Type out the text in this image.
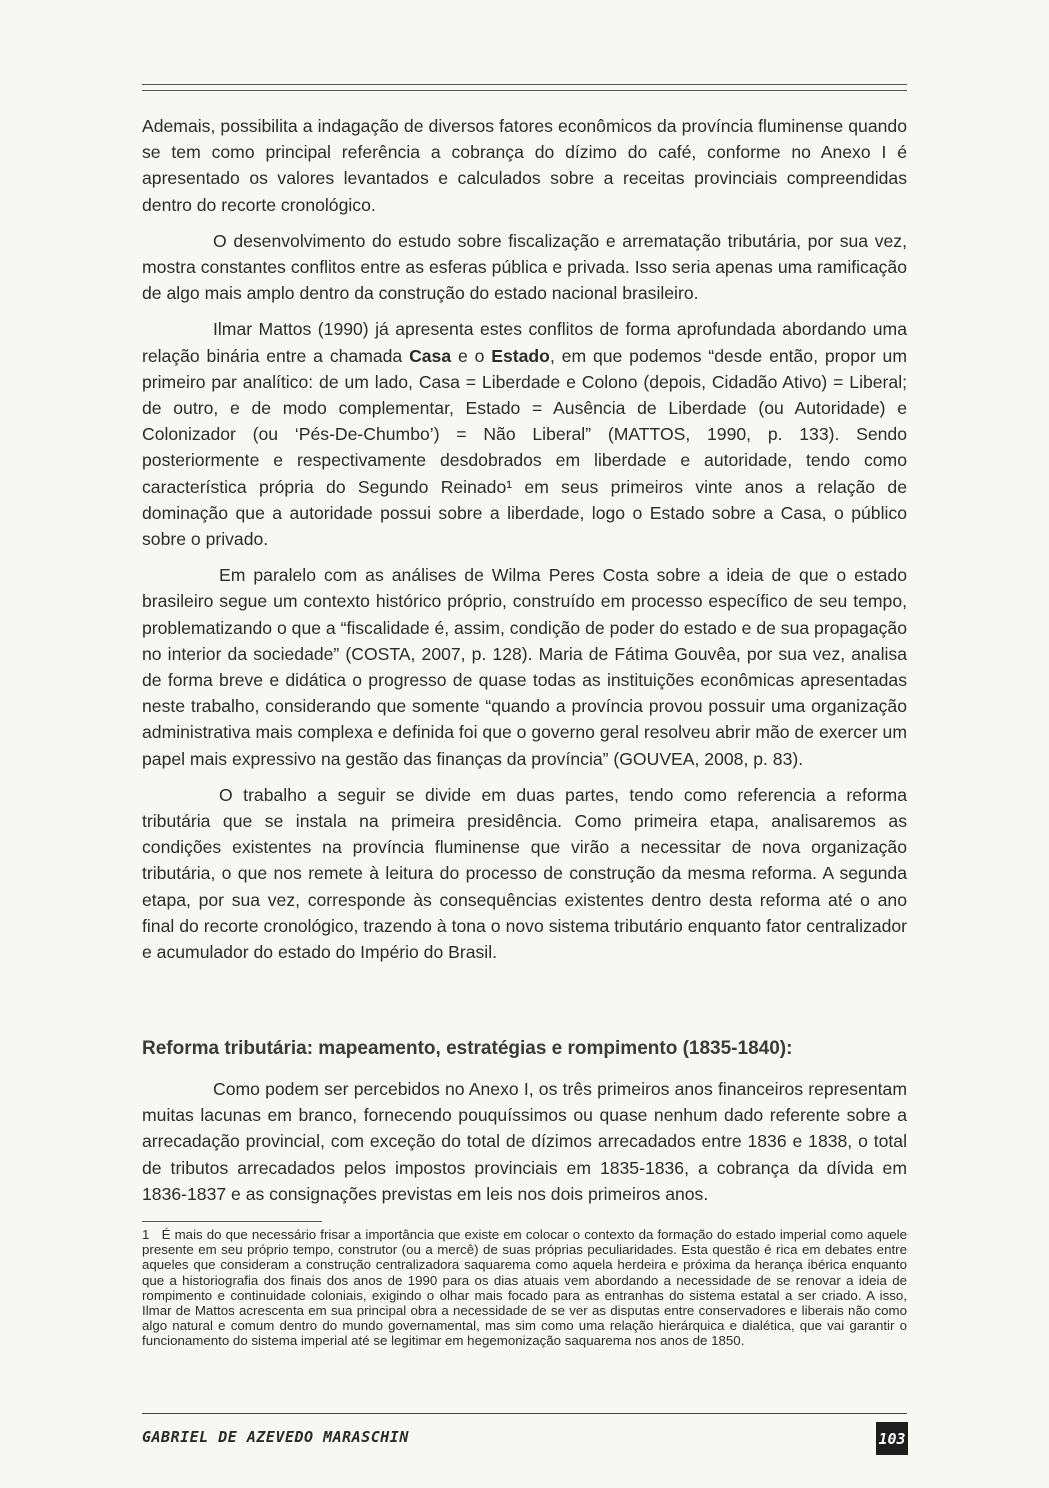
Ademais, possibilita a indagação de diversos fatores econômicos da província fluminense quando se tem como principal referência a cobrança do dízimo do café, conforme no Anexo I é apresentado os valores levantados e calculados sobre a receitas provinciais compreendidas dentro do recorte cronológico.

O desenvolvimento do estudo sobre fiscalização e arrematação tributária, por sua vez, mostra constantes conflitos entre as esferas pública e privada. Isso seria apenas uma ramificação de algo mais amplo dentro da construção do estado nacional brasileiro.

Ilmar Mattos (1990) já apresenta estes conflitos de forma aprofundada abordando uma relação binária entre a chamada Casa e o Estado, em que podemos “desde então, propor um primeiro par analítico: de um lado, Casa = Liberdade e Colono (depois, Cidadão Ativo) = Liberal; de outro, e de modo complementar, Estado = Ausência de Liberdade (ou Autoridade) e Colonizador (ou ‘Pés-De-Chumbo’) = Não Liberal” (MATTOS, 1990, p. 133). Sendo posteriormente e respectivamente desdobrados em liberdade e autoridade, tendo como característica própria do Segundo Reinado¹ em seus primeiros vinte anos a relação de dominação que a autoridade possui sobre a liberdade, logo o Estado sobre a Casa, o público sobre o privado.

Em paralelo com as análises de Wilma Peres Costa sobre a ideia de que o estado brasileiro segue um contexto histórico próprio, construído em processo específico de seu tempo, problematizando o que a “fiscalidade é, assim, condição de poder do estado e de sua propagação no interior da sociedade” (COSTA, 2007, p. 128). Maria de Fátima Gouvêa, por sua vez, analisa de forma breve e didática o progresso de quase todas as instituições econômicas apresentadas neste trabalho, considerando que somente “quando a província provou possuir uma organização administrativa mais complexa e definida foi que o governo geral resolveu abrir mão de exercer um papel mais expressivo na gestão das finanças da província” (GOUVEA, 2008, p. 83).

O trabalho a seguir se divide em duas partes, tendo como referencia a reforma tributária que se instala na primeira presidência. Como primeira etapa, analisaremos as condições existentes na província fluminense que virão a necessitar de nova organização tributária, o que nos remete à leitura do processo de construção da mesma reforma. A segunda etapa, por sua vez, corresponde às consequências existentes dentro desta reforma até o ano final do recorte cronológico, trazendo à tona o novo sistema tributário enquanto fator centralizador e acumulador do estado do Império do Brasil.

Reforma tributária: mapeamento, estratégias e rompimento (1835-1840):

Como podem ser percebidos no Anexo I, os três primeiros anos financeiros representam muitas lacunas em branco, fornecendo pouquíssimos ou quase nenhum dado referente sobre a arrecadação provincial, com exceção do total de dízimos arrecadados entre 1836 e 1838, o total de tributos arrecadados pelos impostos provinciais em 1835-1836, a cobrança da dívida em 1836-1837 e as consignações previstas em leis nos dois primeiros anos.

1 É mais do que necessário frisar a importância que existe em colocar o contexto da formação do estado imperial como aquele presente em seu próprio tempo, construtor (ou a mercê) de suas próprias peculiaridades. Esta questão é rica em debates entre aqueles que consideram a construção centralizadora saquarema como aquela herdeira e próxima da herança ibérica enquanto que a historiografia dos finais dos anos de 1990 para os dias atuais vem abordando a necessidade de se renovar a ideia de rompimento e continuidade coloniais, exigindo o olhar mais focado para as entranhas do sistema estatal a ser criado. A isso, Ilmar de Mattos acrescenta em sua principal obra a necessidade de se ver as disputas entre conservadores e liberais não como algo natural e comum dentro do mundo governamental, mas sim como uma relação hierárquica e dialética, que vai garantir o funcionamento do sistema imperial até se legitimar em hegemonização saquarema nos anos de 1850.

GABRIEL DE AZEVEDO MARASCHIN	103
